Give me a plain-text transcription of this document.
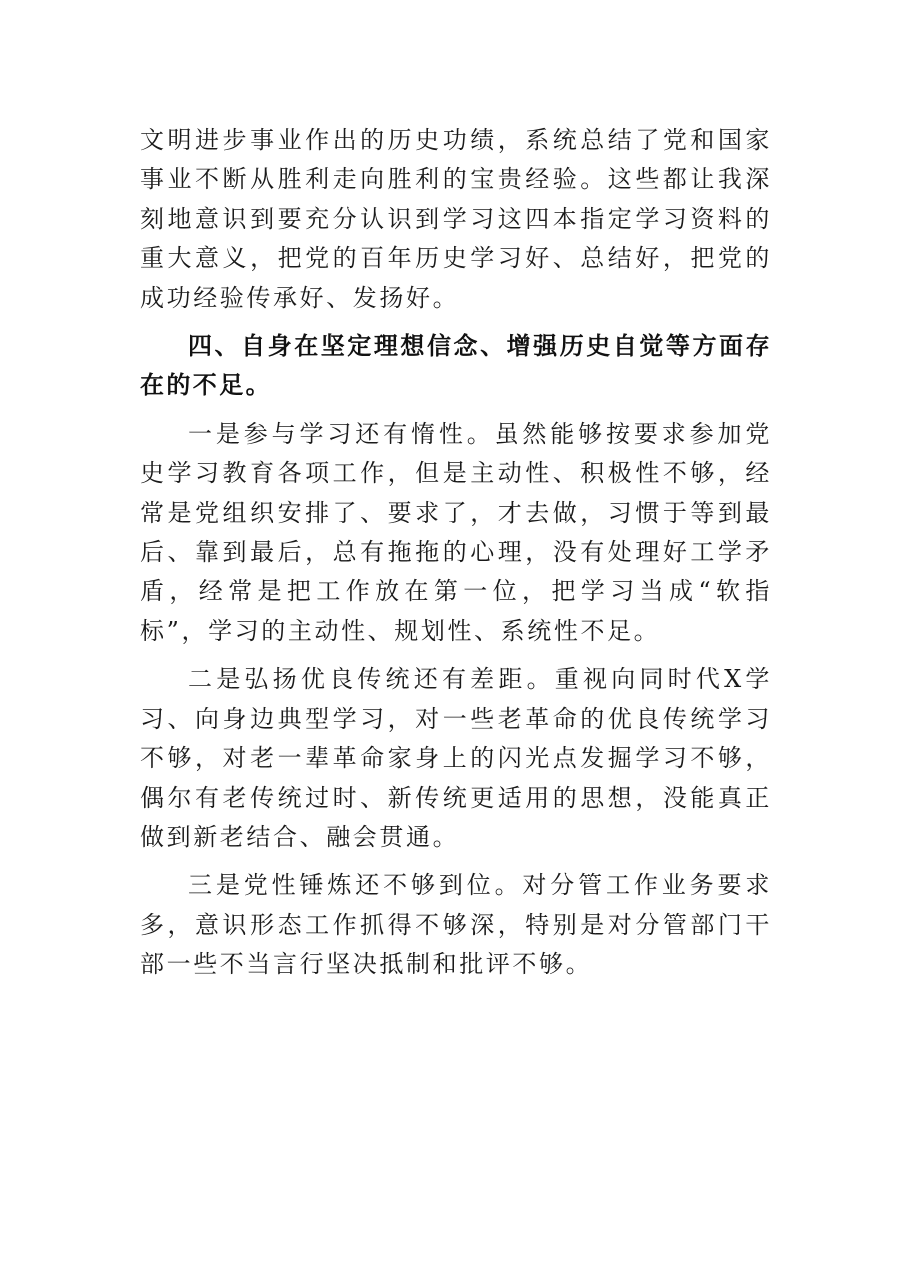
文明进步事业作出的历史功绩，系统总结了党和国家事业不断从胜利走向胜利的宝贵经验。这些都让我深刻地意识到要充分认识到学习这四本指定学习资料的重大意义，把党的百年历史学习好、总结好，把党的成功经验传承好、发扬好。

四、自身在坚定理想信念、增强历史自觉等方面存在的不足。

一是参与学习还有惰性。虽然能够按要求参加党史学习教育各项工作，但是主动性、积极性不够，经常是党组织安排了、要求了，才去做，习惯于等到最后、靠到最后，总有拖拖的心理，没有处理好工学矛盾，经常是把工作放在第一位，把学习当成“软指标”，学习的主动性、规划性、系统性不足。

二是弘扬优良传统还有差距。重视向同时代X学习、向身边典型学习，对一些老革命的优良传统学习不够，对老一辈革命家身上的闪光点发掘学习不够，偶尔有老传统过时、新传统更适用的思想，没能真正做到新老结合、融会贯通。

三是党性锤炼还不够到位。对分管工作业务要求多，意识形态工作抓得不够深，特别是对分管部门干部一些不当言行坚决抵制和批评不够。
